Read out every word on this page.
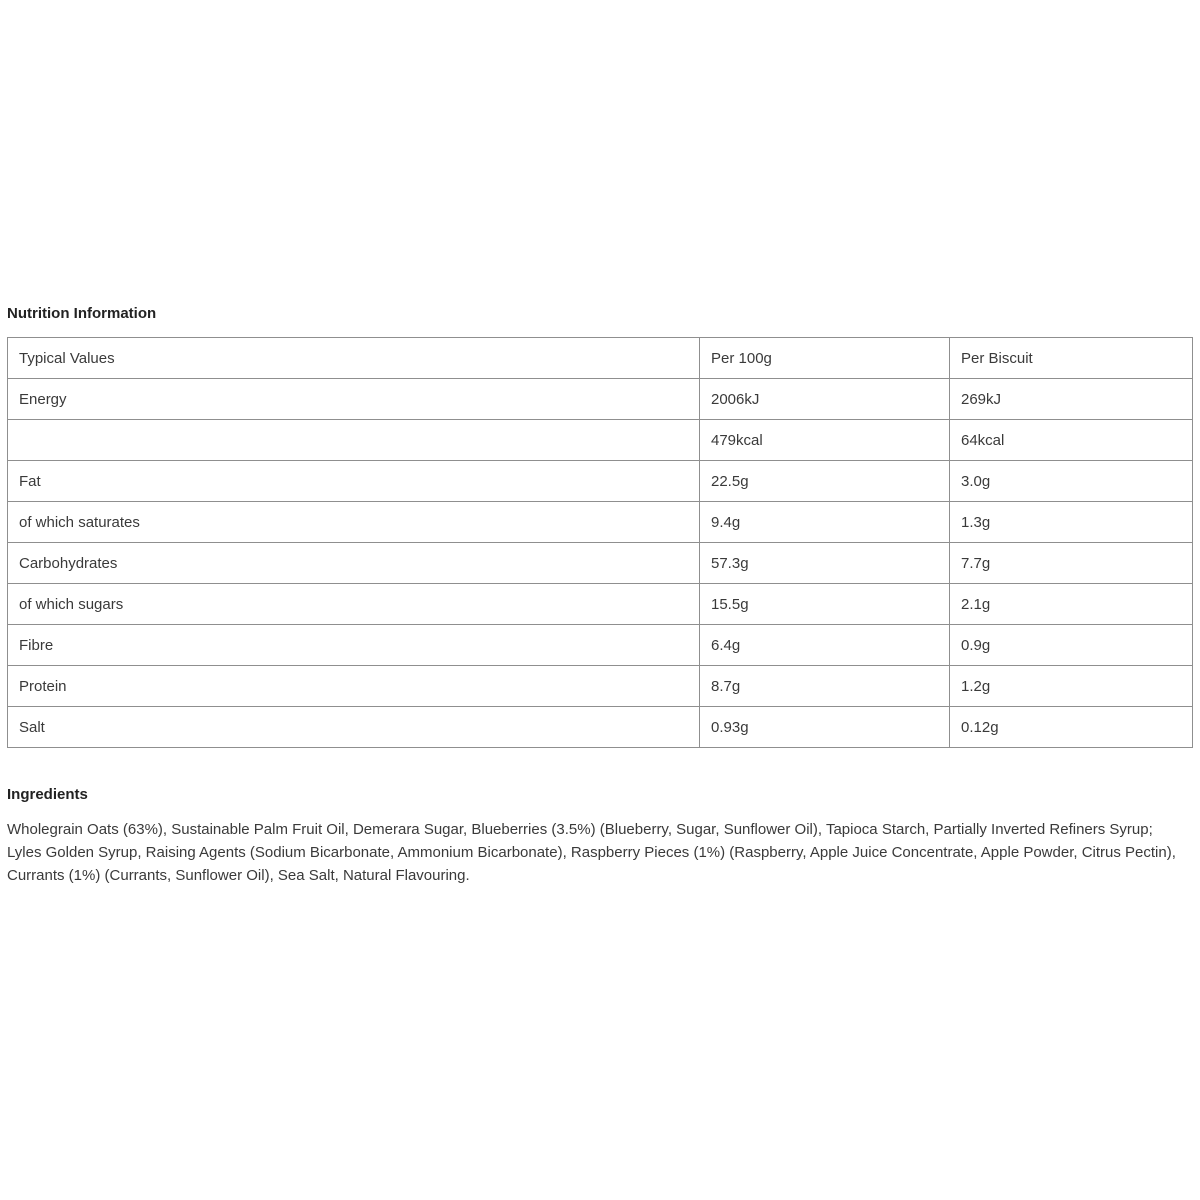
Nutrition Information
Typical Values	Per 100g	Per Biscuit
Energy	2006kJ	269kJ
	479kcal	64kcal
Fat	22.5g	3.0g
of which saturates	9.4g	1.3g
Carbohydrates	57.3g	7.7g
of which sugars	15.5g	2.1g
Fibre	6.4g	0.9g
Protein	8.7g	1.2g
Salt	0.93g	0.12g
Ingredients

Wholegrain Oats (63%), Sustainable Palm Fruit Oil, Demerara Sugar, Blueberries (3.5%) (Blueberry, Sugar, Sunflower Oil), Tapioca Starch, Partially Inverted Refiners Syrup; Lyles Golden Syrup, Raising Agents (Sodium Bicarbonate, Ammonium Bicarbonate), Raspberry Pieces (1%) (Raspberry, Apple Juice Concentrate, Apple Powder, Citrus Pectin), Currants (1%) (Currants, Sunflower Oil), Sea Salt, Natural Flavouring.
